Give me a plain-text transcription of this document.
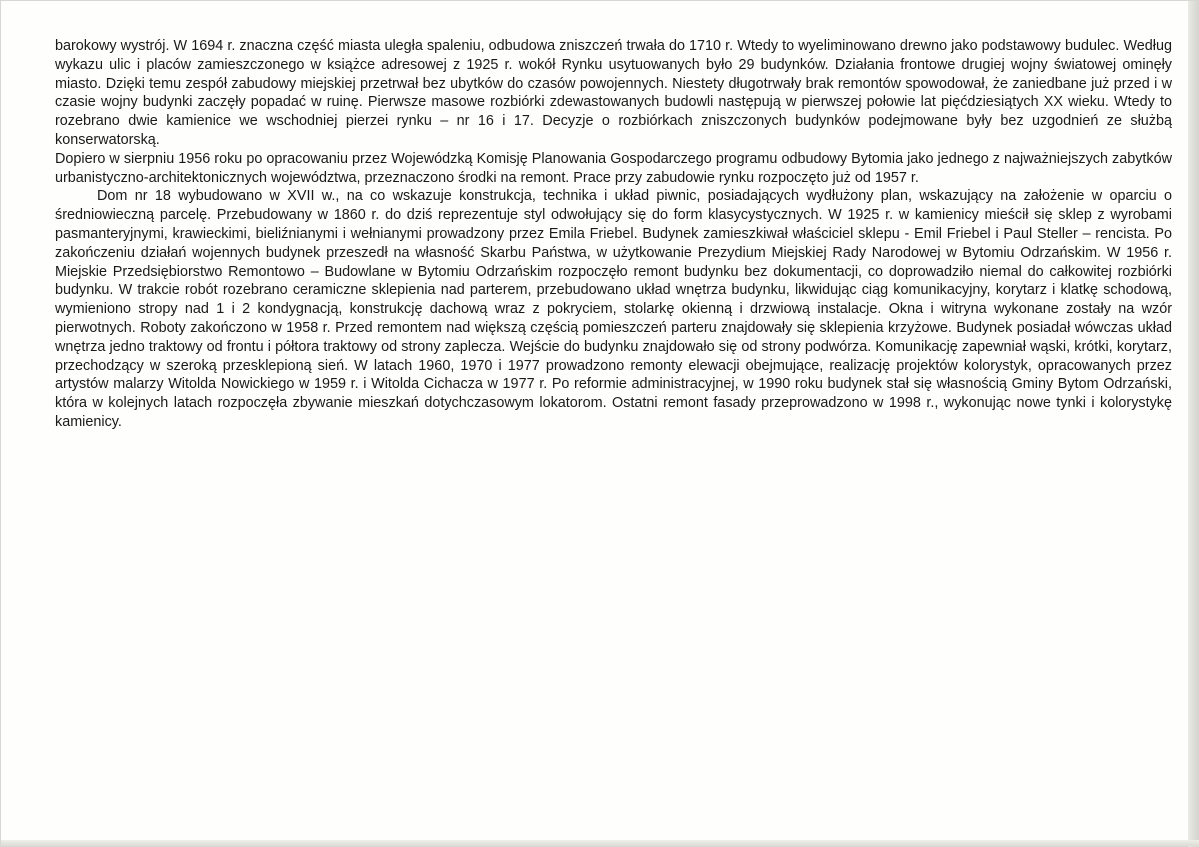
barokowy wystrój. W 1694 r. znaczna część miasta uległa spaleniu, odbudowa zniszczeń trwała do 1710 r. Wtedy to wyeliminowano drewno jako podstawowy budulec. Według wykazu ulic i placów zamieszczonego w książce adresowej z 1925 r. wokół Rynku usytuowanych było 29 budynków. Działania frontowe drugiej wojny światowej ominęły miasto. Dzięki temu zespół zabudowy miejskiej przetrwał bez ubytków do czasów powojennych. Niestety długotrwały brak remontów spowodował, że zaniedbane już przed i w czasie wojny budynki zaczęły popadać w ruinę. Pierwsze masowe rozbiórki zdewastowanych budowli następują w pierwszej połowie lat pięćdziesiątych XX wieku. Wtedy to rozebrano dwie kamienice we wschodniej pierzei rynku – nr 16 i 17. Decyzje o rozbiórkach zniszczonych budynków podejmowane były bez uzgodnień ze służbą konserwatorską.

Dopiero w sierpniu 1956 roku po opracowaniu przez Wojewódzką Komisję Planowania Gospodarczego programu odbudowy Bytomia jako jednego z najważniejszych zabytków urbanistyczno-architektonicznych województwa, przeznaczono środki na remont. Prace przy zabudowie rynku rozpoczęto już od 1957 r.

Dom nr 18 wybudowano w XVII w., na co wskazuje konstrukcja, technika i układ piwnic, posiadających wydłużony plan, wskazujący na założenie w oparciu o średniowieczną parcelę. Przebudowany w 1860 r. do dziś reprezentuje styl odwołujący się do form klasycystycznych. W 1925 r. w kamienicy mieścił się sklep z wyrobami pasmanteryjnymi, krawieckimi, bieliźnianymi i wełnianymi prowadzony przez Emila Friebel. Budynek zamieszkiwał właściciel sklepu - Emil Friebel i Paul Steller – rencista. Po zakończeniu działań wojennych budynek przeszedł na własność Skarbu Państwa, w użytkowanie Prezydium Miejskiej Rady Narodowej w Bytomiu Odrzańskim. W 1956 r. Miejskie Przedsiębiorstwo Remontowo – Budowlane w Bytomiu Odrzańskim rozpoczęło remont budynku bez dokumentacji, co doprowadziło niemal do całkowitej rozbiórki budynku. W trakcie robót rozebrano ceramiczne sklepienia nad parterem, przebudowano układ wnętrza budynku, likwidując ciąg komunikacyjny, korytarz i klatkę schodową, wymieniono stropy nad 1 i 2 kondygnacją, konstrukcję dachową wraz z pokryciem, stolarkę okienną i drzwiową instalacje. Okna i witryna wykonane zostały na wzór pierwotnych. Roboty zakończono w 1958 r. Przed remontem nad większą częścią pomieszczeń parteru znajdowały się sklepienia krzyżowe. Budynek posiadał wówczas układ wnętrza jedno traktowy od frontu i półtora traktowy od strony zaplecza. Wejście do budynku znajdowało się od strony podwórza. Komunikację zapewniał wąski, krótki, korytarz, przechodzący w szeroką przesklepioną sień. W latach 1960, 1970 i 1977 prowadzono remonty elewacji obejmujące, realizację projektów kolorystyk, opracowanych przez artystów malarzy Witolda Nowickiego w 1959 r. i Witolda Cichacza w 1977 r. Po reformie administracyjnej, w 1990 roku budynek stał się własnością Gminy Bytom Odrzański, która w kolejnych latach rozpoczęła zbywanie mieszkań dotychczasowym lokatorom. Ostatni remont fasady przeprowadzono w 1998 r., wykonując nowe tynki i kolorystykę kamienicy.
